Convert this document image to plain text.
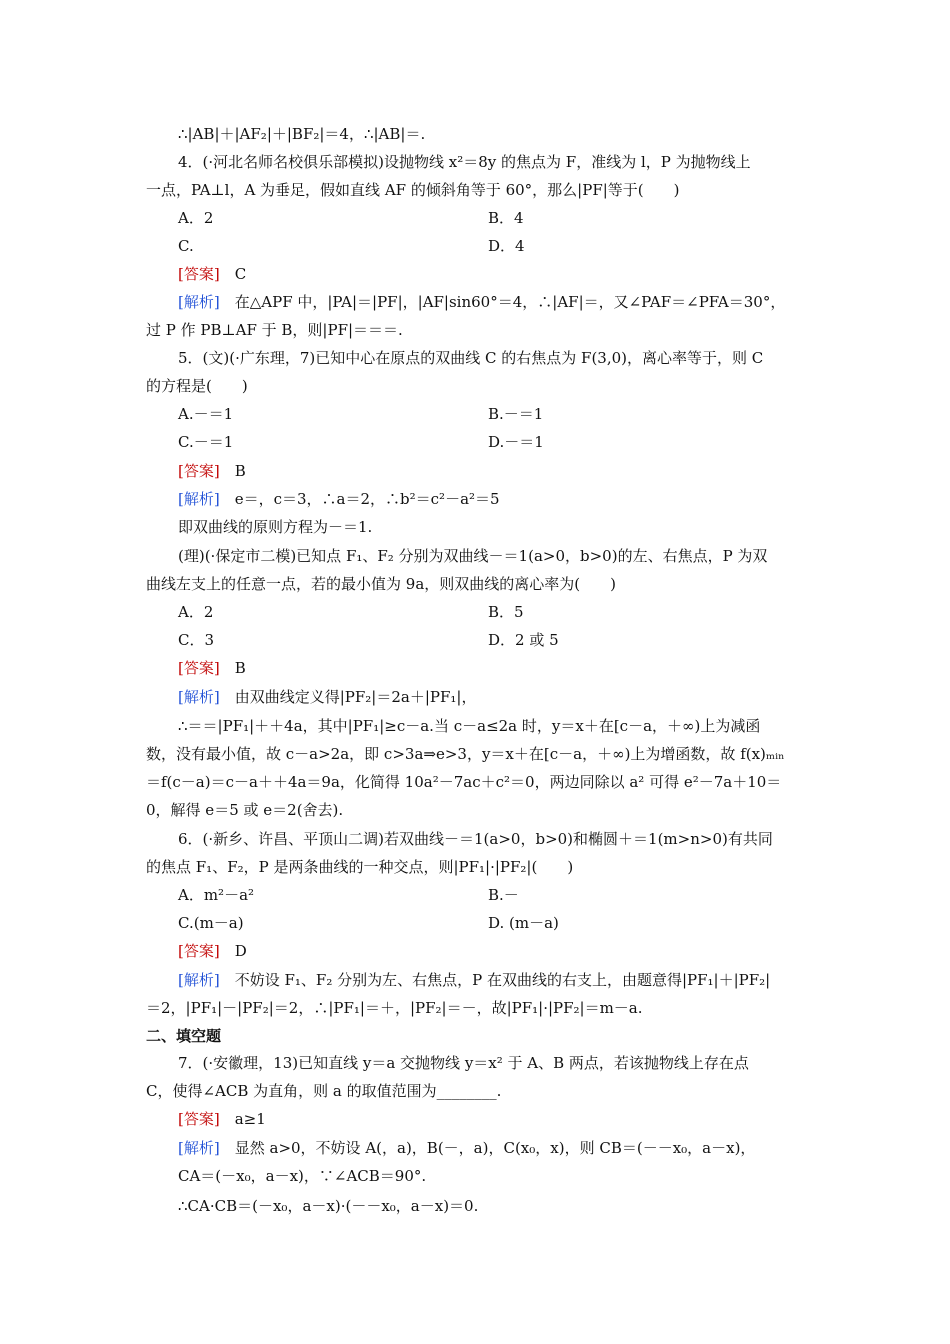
∴|AB|＋|AF₂|＋|BF₂|＝4，∴|AB|＝.
4．(·河北名师名校俱乐部模拟)设抛物线 x²＝8y 的焦点为 F，准线为 l，P 为抛物线上
一点，PA⊥l，A 为垂足，假如直线 AF 的倾斜角等于 60°，那么|PF|等于(　　)
A．2	B．4
C.	D．4
[答案]　 C
[解析]　 在△APF 中，|PA|＝|PF|，|AF|sin60°＝4，∴|AF|＝，又∠PAF＝∠PFA＝30°，
过 P 作 PB⊥AF 于 B，则|PF|＝＝＝.
5．(文)(·广东理，7)已知中心在原点的双曲线 C 的右焦点为 F(3,0)，离心率等于，则 C
的方程是(　　)
A.－＝1	B.－＝1
C.－＝1	D.－＝1
[答案]　 B
[解析]　 e＝，c＝3，∴a＝2，∴b²＝c²－a²＝5
即双曲线的原则方程为－＝1.
(理)(·保定市二模)已知点 F₁、F₂ 分别为双曲线－＝1(a>0，b>0)的左、右焦点，P 为双
曲线左支上的任意一点，若的最小值为 9a，则双曲线的离心率为(　　)
A．2	B．5
C．3	D．2 或 5
[答案]　 B
[解析]　 由双曲线定义得|PF₂|＝2a＋|PF₁|，
∴＝＝|PF₁|＋＋4a，其中|PF₁|≥c－a.当 c－a≤2a 时，y＝x＋在[c－a，＋∞)上为减函
数，没有最小值，故 c－a>2a，即 c>3a⇒e>3，y＝x＋在[c－a，＋∞)上为增函数，故 f(x)ₘᵢₙ
＝f(c－a)＝c－a＋＋4a＝9a，化简得 10a²－7ac＋c²＝0，两边同除以 a² 可得 e²－7a＋10＝
0，解得 e＝5 或 e＝2(舍去).
6．(·新乡、许昌、平顶山二调)若双曲线－＝1(a>0，b>0)和椭圆＋＝1(m>n>0)有共同
的焦点 F₁、F₂，P 是两条曲线的一种交点，则|PF₁|·|PF₂|(　　)
A．m²－a²	B.－
C.(m－a)	D. (m－a)
[答案]　 D
[解析]　 不妨设 F₁、F₂ 分别为左、右焦点，P 在双曲线的右支上，由题意得|PF₁|＋|PF₂|
＝2，|PF₁|－|PF₂|＝2，∴|PF₁|＝＋，|PF₂|＝－，故|PF₁|·|PF₂|＝m－a.
二、填空题
7．(·安徽理，13)已知直线 y＝a 交抛物线 y＝x² 于 A、B 两点，若该抛物线上存在点
C，使得∠ACB 为直角，则 a 的取值范围为________.
[答案]　 a≥1
[解析]　 显然 a>0，不妨设 A(，a)，B(－，a)，C(x₀，x)，则 CB＝(－－x₀，a－x)，
CA＝(－x₀，a－x)，∵∠ACB＝90°.
∴CA·CB＝(－x₀，a－x)·(－－x₀，a－x)＝0.
